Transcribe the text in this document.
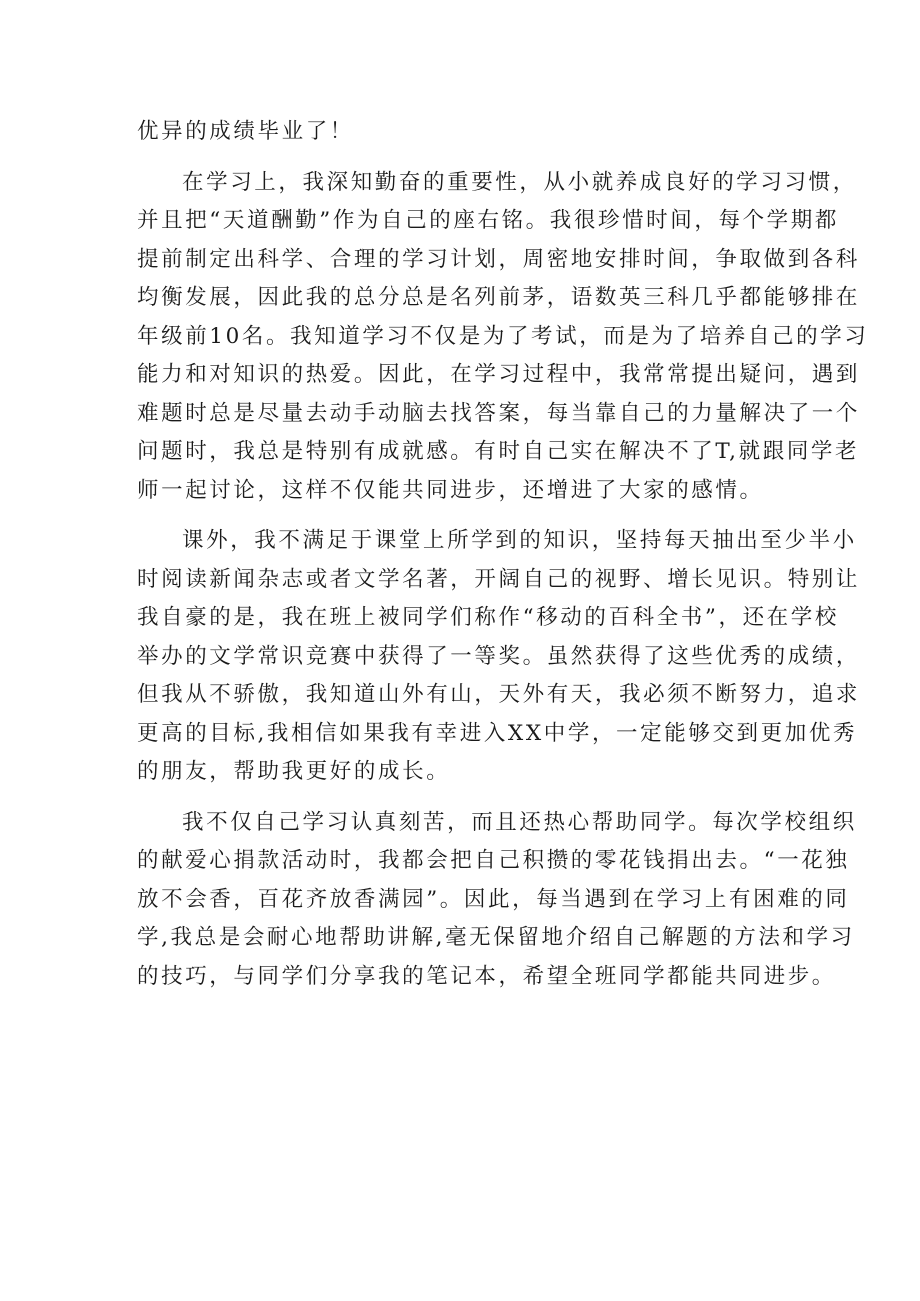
优异的成绩毕业了！
在学习上，我深知勤奋的重要性，从小就养成良好的学习习惯，
并且把“天道酬勤”作为自己的座右铭。我很珍惜时间，每个学期都
提前制定出科学、合理的学习计划，周密地安排时间，争取做到各科
均衡发展，因此我的总分总是名列前茅，语数英三科几乎都能够排在
年级前10名。我知道学习不仅是为了考试，而是为了培养自己的学习
能力和对知识的热爱。因此，在学习过程中，我常常提出疑问，遇到
难题时总是尽量去动手动脑去找答案，每当靠自己的力量解决了一个
问题时，我总是特别有成就感。有时自己实在解决不了T,就跟同学老
师一起讨论，这样不仅能共同进步，还增进了大家的感情。
课外，我不满足于课堂上所学到的知识，坚持每天抽出至少半小
时阅读新闻杂志或者文学名著，开阔自己的视野、增长见识。特别让
我自豪的是，我在班上被同学们称作“移动的百科全书”，还在学校
举办的文学常识竞赛中获得了一等奖。虽然获得了这些优秀的成绩，
但我从不骄傲，我知道山外有山，天外有天，我必须不断努力，追求
更高的目标,我相信如果我有幸进入XX中学，一定能够交到更加优秀
的朋友，帮助我更好的成长。
我不仅自己学习认真刻苦，而且还热心帮助同学。每次学校组织
的献爱心捐款活动时，我都会把自己积攒的零花钱捐出去。“一花独
放不会香，百花齐放香满园”。因此，每当遇到在学习上有困难的同
学,我总是会耐心地帮助讲解,毫无保留地介绍自己解题的方法和学习
的技巧，与同学们分享我的笔记本，希望全班同学都能共同进步。
